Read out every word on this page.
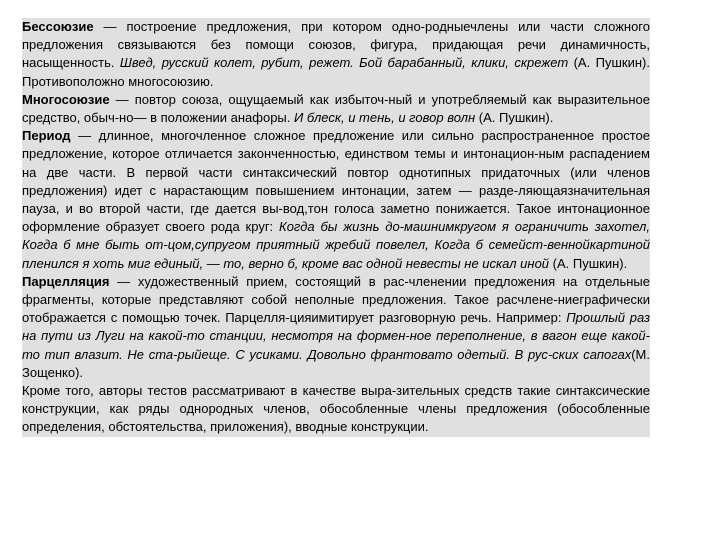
Бессоюзие — построение предложения, при котором одно-родныечлены или части сложного предложения связываются без помощи союзов, фигура, придающая речи динамичность, насыщенность. Швед, русский колет, рубит, режет. Бой барабанный, клики, скрежет (А. Пушкин). Противоположно многосоюзию.

Многосоюзие — повтор союза, ощущаемый как избыточ-ный и употребляемый как выразительное средство, обыч-но— в положении анафоры. И блеск, и тень, и говор волн (А. Пушкин).

Период — длинное, многочленное сложное предложение или сильно распространенное простое предложение, которое отличается законченностью, единством темы и интонацион-ным распадением на две части. В первой части синтаксический повтор однотипных придаточных (или членов предложения) идет с нарастающим повышением интонации, затем — разде-ляющаязначительная пауза, и во второй части, где дается вы-вод,тон голоса заметно понижается. Такое интонационное оформление образует своего рода круг: Когда бы жизнь до-машнимкругом я ограничить захотел, Когда б мне быть от-цом,супругом приятный жребий повелел, Когда б семейст-веннойкартиной пленился я хоть миг единый, — то, верно б, кроме вас одной невесты не искал иной (А. Пушкин).

Парцелляция — художественный прием, состоящий в рас-членении предложения на отдельные фрагменты, которые представляют собой неполные предложения. Такое расчлене-ниеграфически отображается с помощью точек. Парцелля-цияимитирует разговорную речь. Например: Прошлый раз на пути из Луги на какой-то станции, несмотря на формен-ное переполнение, в вагон еще какой-то тип влазит. Не ста-рыйеще. С усиками. Довольно франтовато одетый. В рус-ских сапогах(М. Зощенко).

Кроме того, авторы тестов рассматривают в качестве выра-зительных средств такие синтаксические конструкции, как ряды однородных членов, обособленные члены предложения (обособленные определения, обстоятельства, приложения), вводные конструкции.
